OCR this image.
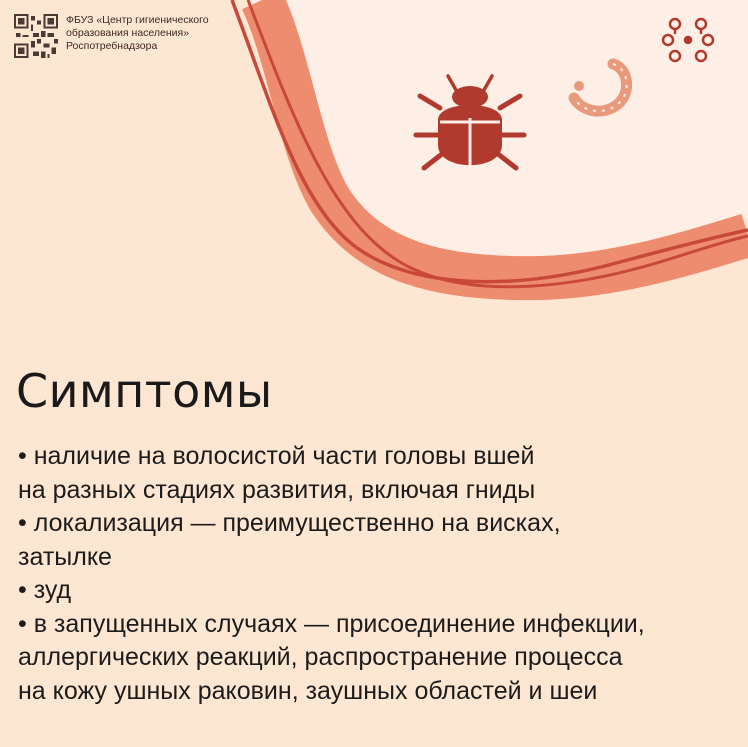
ФБУЗ «Центр гигиенического
образования населения»
Роспотребнадзора
Симптомы
• наличие на волосистой части головы вшей
на разных стадиях развития, включая гниды
• локализация — преимущественно на висках,
затылке
• зуд
• в запущенных случаях — присоединение инфекции,
аллергических реакций, распространение процесса
на кожу ушных раковин, заушных областей и шеи
